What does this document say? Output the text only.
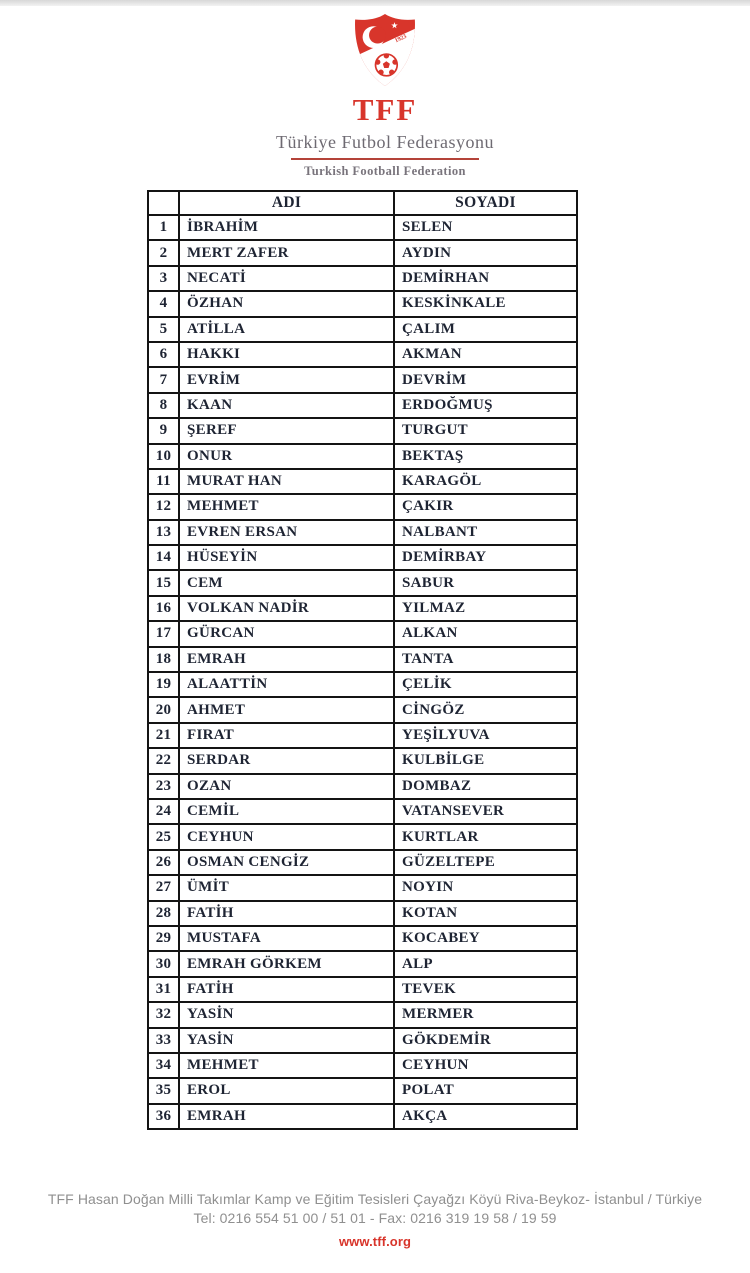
1923
TFF
Türkiye Futbol Federasyonu
Turkish Football Federation
	ADI	SOYADI
1	İBRAHİM	SELEN
2	MERT ZAFER	AYDIN
3	NECATİ	DEMİRHAN
4	ÖZHAN	KESKİNKALE
5	ATİLLA	ÇALIM
6	HAKKI	AKMAN
7	EVRİM	DEVRİM
8	KAAN	ERDOĞMUŞ
9	ŞEREF	TURGUT
10	ONUR	BEKTAŞ
11	MURAT HAN	KARAGÖL
12	MEHMET	ÇAKIR
13	EVREN ERSAN	NALBANT
14	HÜSEYİN	DEMİRBAY
15	CEM	SABUR
16	VOLKAN NADİR	YILMAZ
17	GÜRCAN	ALKAN
18	EMRAH	TANTA
19	ALAATTİN	ÇELİK
20	AHMET	CİNGÖZ
21	FIRAT	YEŞİLYUVA
22	SERDAR	KULBİLGE
23	OZAN	DOMBAZ
24	CEMİL	VATANSEVER
25	CEYHUN	KURTLAR
26	OSMAN CENGİZ	GÜZELTEPE
27	ÜMİT	NOYIN
28	FATİH	KOTAN
29	MUSTAFA	KOCABEY
30	EMRAH GÖRKEM	ALP
31	FATİH	TEVEK
32	YASİN	MERMER
33	YASİN	GÖKDEMİR
34	MEHMET	CEYHUN
35	EROL	POLAT
36	EMRAH	AKÇA
TFF Hasan Doğan Milli Takımlar Kamp ve Eğitim Tesisleri Çayağzı Köyü Riva-Beykoz- İstanbul / Türkiye
Tel: 0216 554 51 00 / 51 01 - Fax: 0216 319 19 58 / 19 59
www.tff.org
